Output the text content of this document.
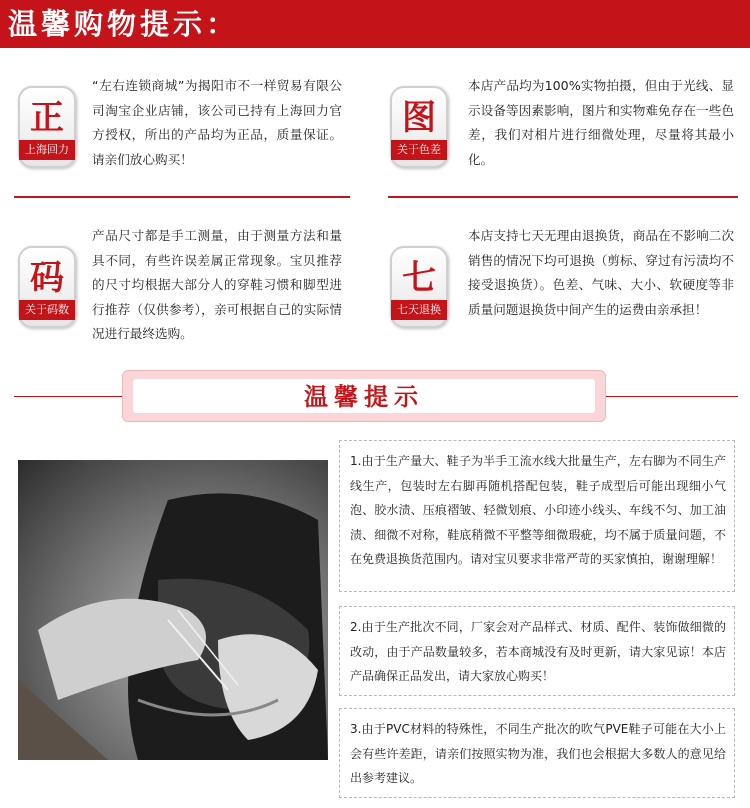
温馨购物提示：
正
上海回力
“左右连锁商城”为揭阳市不一样贸易有限公司淘宝企业店铺，该公司已持有上海回力官方授权，所出的产品均为正品，质量保证。请亲们放心购买！
图
关于色差
本店产品均为100%实物拍摄，但由于光线、显示设备等因素影响，图片和实物难免存在一些色差，我们对相片进行细微处理，尽量将其最小化。
码
关于码数
产品尺寸都是手工测量，由于测量方法和量具不同，有些许误差属正常现象。宝贝推荐的尺寸均根据大部分人的穿鞋习惯和脚型进行推荐（仅供参考），亲可根据自己的实际情况进行最终选购。
七
七天退换
本店支持七天无理由退换货，商品在不影响二次销售的情况下均可退换（剪标、穿过有污渍均不接受退换货）。色差、气味、大小、软硬度等非质量问题退换货中间产生的运费由亲承担！
温馨提示
1.由于生产量大、鞋子为半手工流水线大批量生产，左右脚为不同生产线生产，包装时左右脚再随机搭配包装，鞋子成型后可能出现细小气泡、胶水渍、压痕褶皱、轻微划痕、小印迹小线头、车线不匀、加工油渍、细微不对称，鞋底稍微不平整等细微瑕疵，均不属于质量问题，不在免费退换货范围内。请对宝贝要求非常严苛的买家慎拍，谢谢理解！
2.由于生产批次不同，厂家会对产品样式、材质、配件、装饰做细微的改动，由于产品数量较多，若本商城没有及时更新，请大家见谅！本店产品确保正品发出，请大家放心购买！
3.由于PVC材料的特殊性，不同生产批次的吹气PVE鞋子可能在大小上会有些许差距，请亲们按照实物为准，我们也会根据大多数人的意见给出参考建议。
